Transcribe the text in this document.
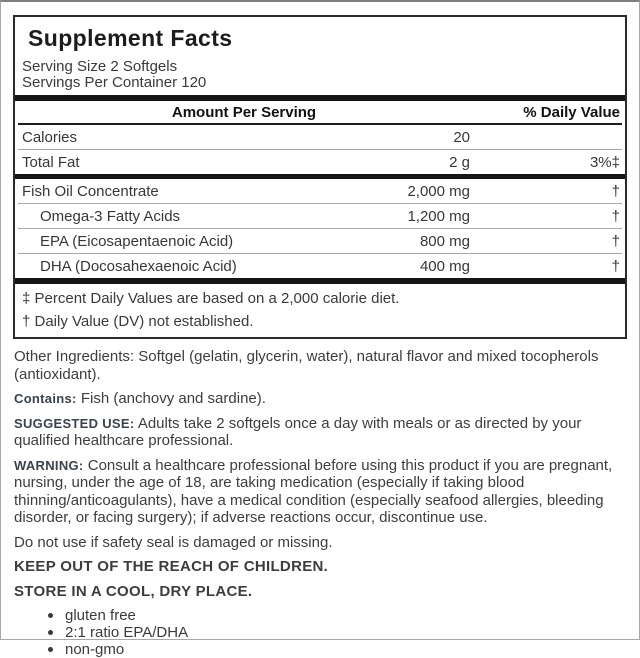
Supplement Facts
Serving Size 2 Softgels
Servings Per Container 120
Amount Per Serving	% Daily Value
Calories	20
Total Fat	2 g	3%‡
Fish Oil Concentrate	2,000 mg	†
Omega-3 Fatty Acids	1,200 mg	†
EPA (Eicosapentaenoic Acid)	800 mg	†
DHA (Docosahexaenoic Acid)	400 mg	†
‡ Percent Daily Values are based on a 2,000 calorie diet.
† Daily Value (DV) not established.

Other Ingredients: Softgel (gelatin, glycerin, water), natural flavor and mixed tocopherols (antioxidant).

Contains: Fish (anchovy and sardine).

SUGGESTED USE: Adults take 2 softgels once a day with meals or as directed by your qualified healthcare professional.

WARNING: Consult a healthcare professional before using this product if you are pregnant, nursing, under the age of 18, are taking medication (especially if taking blood thinning/anticoagulants), have a medical condition (especially seafood allergies, bleeding disorder, or facing surgery); if adverse reactions occur, discontinue use.

Do not use if safety seal is damaged or missing.

KEEP OUT OF THE REACH OF CHILDREN.

STORE IN A COOL, DRY PLACE.

gluten free
2:1 ratio EPA/DHA
non-gmo
